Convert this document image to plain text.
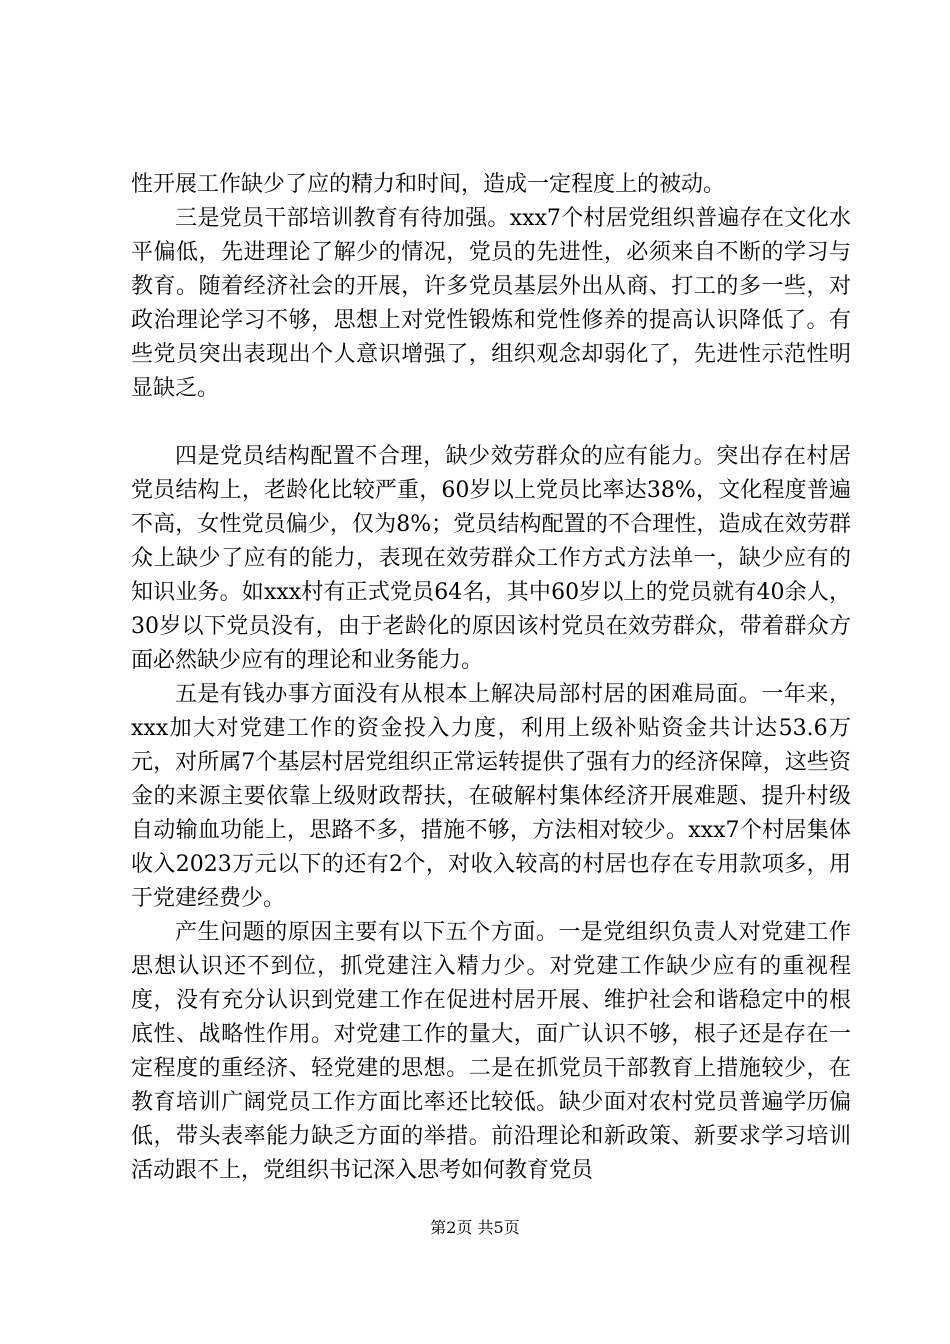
性开展工作缺少了应的精力和时间，造成一定程度上的被动。

三是党员干部培训教育有待加强。xxx7个村居党组织普遍存在文化水平偏低，先进理论了解少的情况，党员的先进性，必须来自不断的学习与教育。随着经济社会的开展，许多党员基层外出从商、打工的多一些，对政治理论学习不够，思想上对党性锻炼和党性修养的提高认识降低了。有些党员突出表现出个人意识增强了，组织观念却弱化了，先进性示范性明显缺乏。

四是党员结构配置不合理，缺少效劳群众的应有能力。突出存在村居党员结构上，老龄化比较严重，60岁以上党员比率达38%，文化程度普遍不高，女性党员偏少，仅为8%；党员结构配置的不合理性，造成在效劳群众上缺少了应有的能力，表现在效劳群众工作方式方法单一，缺少应有的知识业务。如xxx村有正式党员64名，其中60岁以上的党员就有40余人，30岁以下党员没有，由于老龄化的原因该村党员在效劳群众，带着群众方面必然缺少应有的理论和业务能力。

五是有钱办事方面没有从根本上解决局部村居的困难局面。一年来，xxx加大对党建工作的资金投入力度，利用上级补贴资金共计达53.6万元，对所属7个基层村居党组织正常运转提供了强有力的经济保障，这些资金的来源主要依靠上级财政帮扶，在破解村集体经济开展难题、提升村级自动输血功能上，思路不多，措施不够，方法相对较少。xxx7个村居集体收入2023万元以下的还有2个，对收入较高的村居也存在专用款项多，用于党建经费少。

产生问题的原因主要有以下五个方面。一是党组织负责人对党建工作思想认识还不到位，抓党建注入精力少。对党建工作缺少应有的重视程度，没有充分认识到党建工作在促进村居开展、维护社会和谐稳定中的根底性、战略性作用。对党建工作的量大，面广认识不够，根子还是存在一定程度的重经济、轻党建的思想。二是在抓党员干部教育上措施较少，在教育培训广阔党员工作方面比率还比较低。缺少面对农村党员普遍学历偏低，带头表率能力缺乏方面的举措。前沿理论和新政策、新要求学习培训活动跟不上，党组织书记深入思考如何教育党员

第2页 共5页
